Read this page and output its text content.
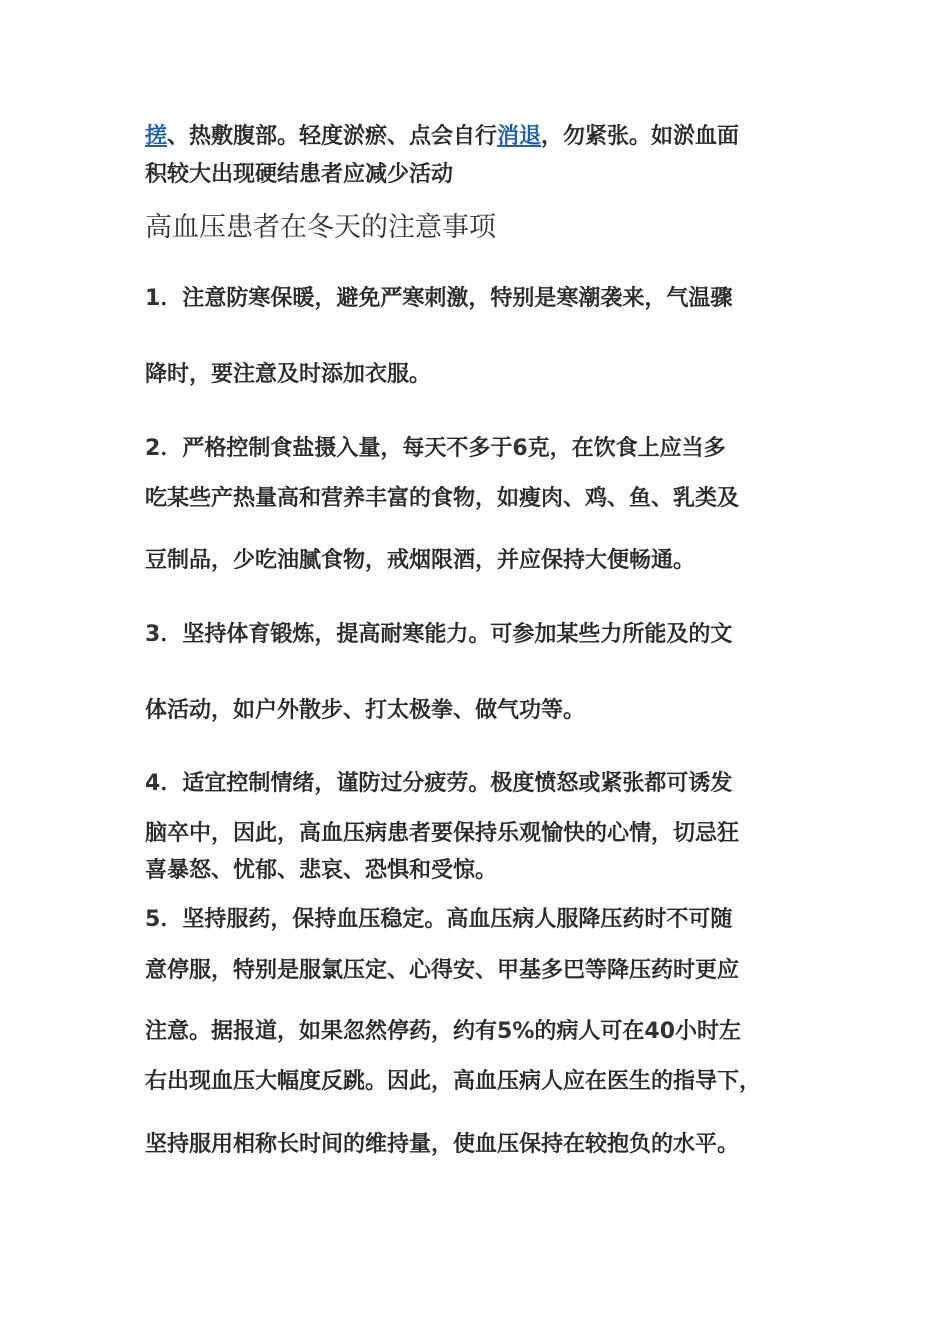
搓、热敷腹部。轻度淤瘀、点会自行消退，勿紧张。如淤血面
积较大出现硬结患者应减少活动
高血压患者在冬天的注意事项
1．注意防寒保暖，避免严寒刺激，特别是寒潮袭来，气温骤
降时，要注意及时添加衣服。
2．严格控制食盐摄入量，每天不多于6克，在饮食上应当多
吃某些产热量高和营养丰富的食物，如瘦肉、鸡、鱼、乳类及
豆制品，少吃油腻食物，戒烟限酒，并应保持大便畅通。
3．坚持体育锻炼，提高耐寒能力。可参加某些力所能及的文
体活动，如户外散步、打太极拳、做气功等。
4．适宜控制情绪，谨防过分疲劳。极度愤怒或紧张都可诱发
脑卒中，因此，高血压病患者要保持乐观愉快的心情，切忌狂
喜暴怒、忧郁、悲哀、恐惧和受惊。
5．坚持服药，保持血压稳定。高血压病人服降压药时不可随
意停服，特别是服氯压定、心得安、甲基多巴等降压药时更应
注意。据报道，如果忽然停药，约有5%的病人可在40小时左
右出现血压大幅度反跳。因此，高血压病人应在医生的指导下，
坚持服用相称长时间的维持量，使血压保持在较抱负的水平。
